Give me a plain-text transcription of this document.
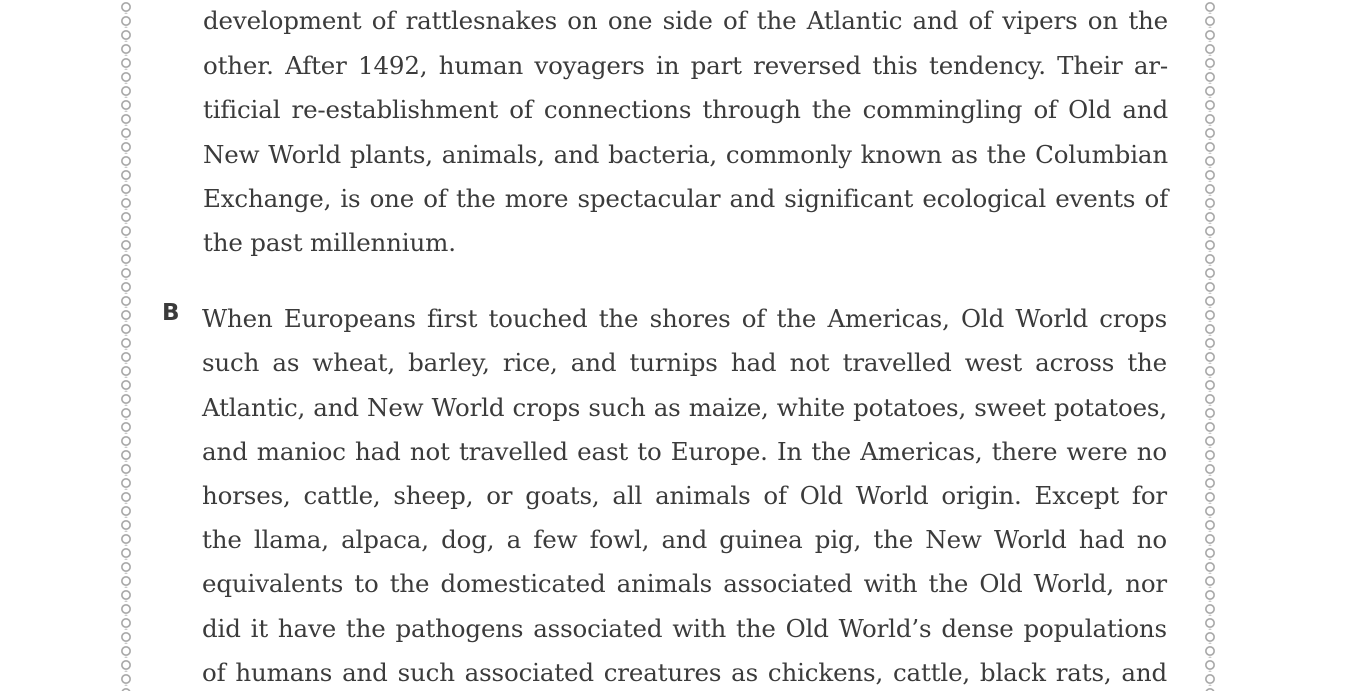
development of rattlesnakes on one side of the Atlantic and of vipers on the
other. After 1492, human voyagers in part reversed this tendency. Their ar-
tificial re-establishment of connections through the commingling of Old and
New World plants, animals, and bacteria, commonly known as the Columbian
Exchange, is one of the more spectacular and significant ecological events of
the past millennium.
B When Europeans first touched the shores of the Americas, Old World crops
such as wheat, barley, rice, and turnips had not travelled west across the
Atlantic, and New World crops such as maize, white potatoes, sweet potatoes,
and manioc had not travelled east to Europe. In the Americas, there were no
horses, cattle, sheep, or goats, all animals of Old World origin. Except for
the llama, alpaca, dog, a few fowl, and guinea pig, the New World had no
equivalents to the domesticated animals associated with the Old World, nor
did it have the pathogens associated with the Old World’s dense populations
of humans and such associated creatures as chickens, cattle, black rats, and
